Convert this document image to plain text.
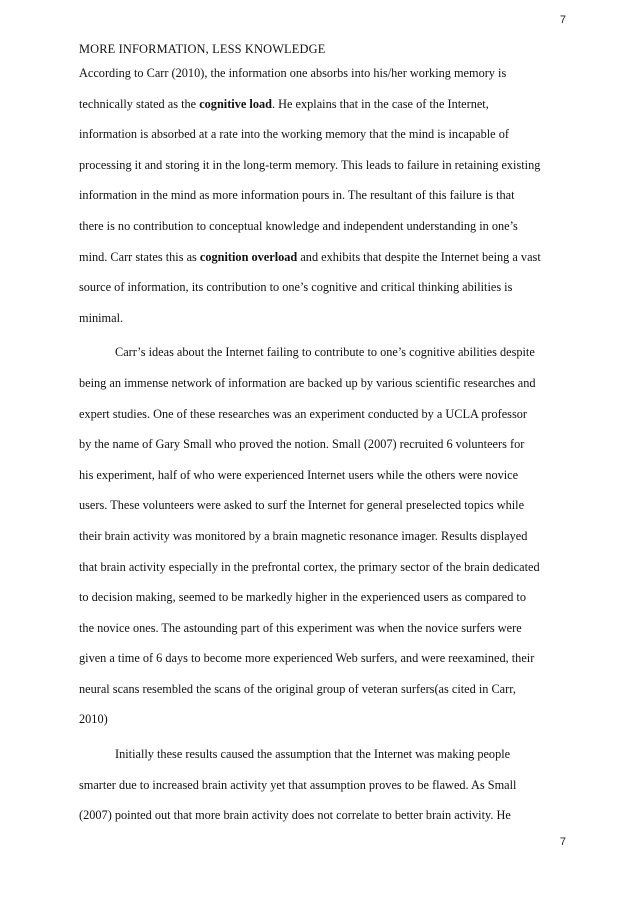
7
MORE INFORMATION, LESS KNOWLEDGE
According to Carr (2010), the information one absorbs into his/her working memory is
technically stated as the cognitive load. He explains that in the case of the Internet,
information is absorbed at a rate into the working memory that the mind is incapable of
processing it and storing it in the long-term memory. This leads to failure in retaining existing
information in the mind as more information pours in. The resultant of this failure is that
there is no contribution to conceptual knowledge and independent understanding in one’s
mind. Carr states this as cognition overload and exhibits that despite the Internet being a vast
source of information, its contribution to one’s cognitive and critical thinking abilities is
minimal.
Carr’s ideas about the Internet failing to contribute to one’s cognitive abilities despite
being an immense network of information are backed up by various scientific researches and
expert studies. One of these researches was an experiment conducted by a UCLA professor
by the name of Gary Small who proved the notion. Small (2007) recruited 6 volunteers for
his experiment, half of who were experienced Internet users while the others were novice
users. These volunteers were asked to surf the Internet for general preselected topics while
their brain activity was monitored by a brain magnetic resonance imager. Results displayed
that brain activity especially in the prefrontal cortex, the primary sector of the brain dedicated
to decision making, seemed to be markedly higher in the experienced users as compared to
the novice ones. The astounding part of this experiment was when the novice surfers were
given a time of 6 days to become more experienced Web surfers, and were reexamined, their
neural scans resembled the scans of the original group of veteran surfers(as cited in Carr,
2010)
Initially these results caused the assumption that the Internet was making people
smarter due to increased brain activity yet that assumption proves to be flawed. As Small
(2007) pointed out that more brain activity does not correlate to better brain activity. He
7
